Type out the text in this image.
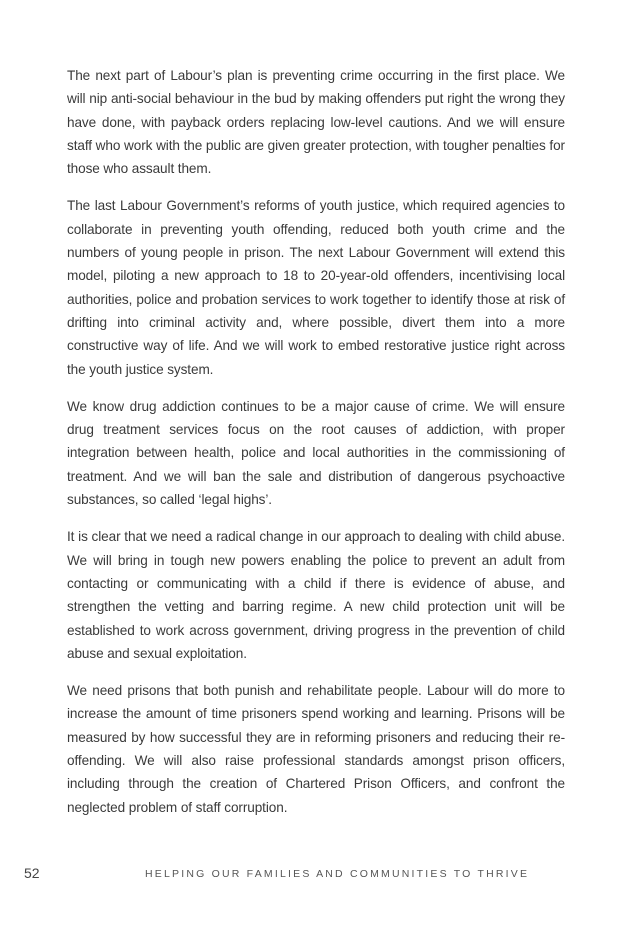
The next part of Labour’s plan is preventing crime occurring in the first place. We will nip anti-social behaviour in the bud by making offenders put right the wrong they have done, with payback orders replacing low-level cautions. And we will ensure staff who work with the public are given greater protection, with tougher penalties for those who assault them.

The last Labour Government’s reforms of youth justice, which required agencies to collaborate in preventing youth offending, reduced both youth crime and the numbers of young people in prison. The next Labour Government will extend this model, piloting a new approach to 18 to 20-year-old offenders, incentivising local authorities, police and probation services to work together to identify those at risk of drifting into criminal activity and, where possible, divert them into a more constructive way of life. And we will work to embed restorative justice right across the youth justice system.

We know drug addiction continues to be a major cause of crime. We will ensure drug treatment services focus on the root causes of addiction, with proper integration between health, police and local authorities in the commissioning of treatment. And we will ban the sale and distribution of dangerous psychoactive substances, so called ‘legal highs’.

It is clear that we need a radical change in our approach to dealing with child abuse. We will bring in tough new powers enabling the police to prevent an adult from contacting or communicating with a child if there is evidence of abuse, and strengthen the vetting and barring regime. A new child protection unit will be established to work across government, driving progress in the prevention of child abuse and sexual exploitation.

We need prisons that both punish and rehabilitate people. Labour will do more to increase the amount of time prisoners spend working and learning. Prisons will be measured by how successful they are in reforming prisoners and reducing their re-offending. We will also raise professional standards amongst prison officers, including through the creation of Chartered Prison Officers, and confront the neglected problem of staff corruption.

52	HELPING OUR FAMILIES AND COMMUNITIES TO THRIVE
